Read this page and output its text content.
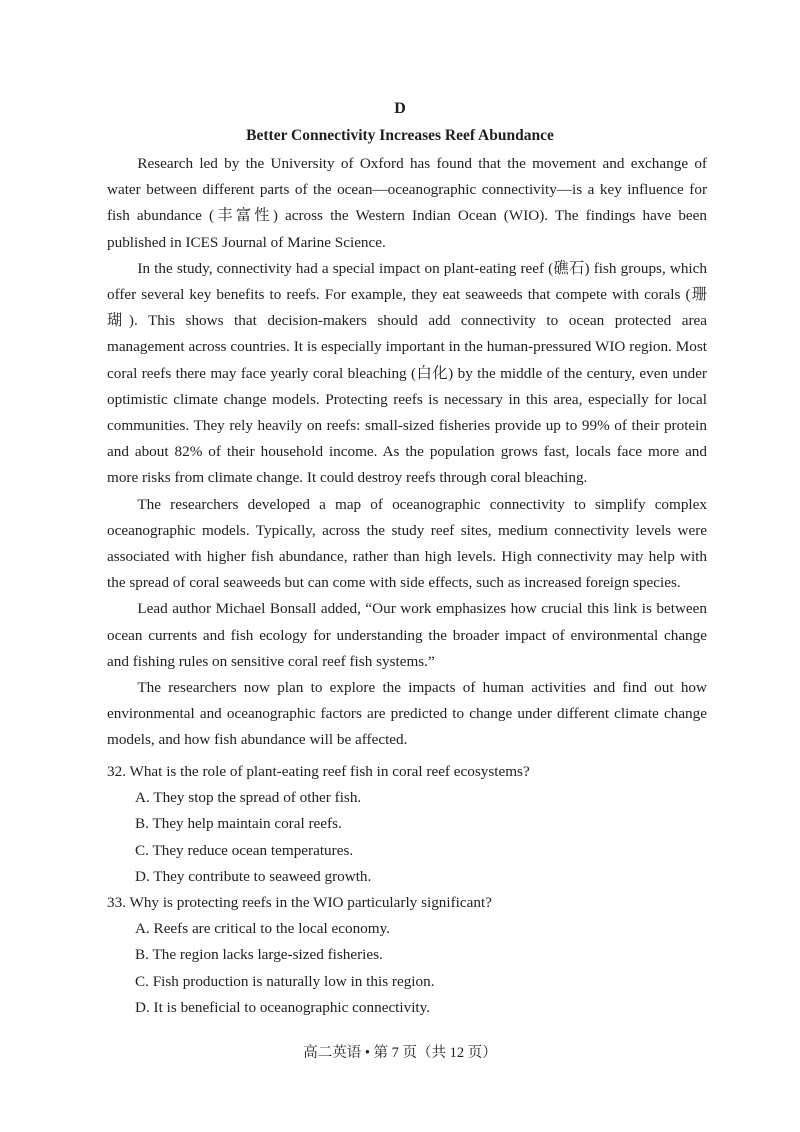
D
Better Connectivity Increases Reef Abundance

Research led by the University of Oxford has found that the movement and exchange of water between different parts of the ocean—oceanographic connectivity—is a key influence for fish abundance (丰富性) across the Western Indian Ocean (WIO). The findings have been published in ICES Journal of Marine Science.

In the study, connectivity had a special impact on plant-eating reef (礁石) fish groups, which offer several key benefits to reefs. For example, they eat seaweeds that compete with corals (珊瑚). This shows that decision-makers should add connectivity to ocean protected area management across countries. It is especially important in the human-pressured WIO region. Most coral reefs there may face yearly coral bleaching (白化) by the middle of the century, even under optimistic climate change models. Protecting reefs is necessary in this area, especially for local communities. They rely heavily on reefs: small-sized fisheries provide up to 99% of their protein and about 82% of their household income. As the population grows fast, locals face more and more risks from climate change. It could destroy reefs through coral bleaching.

The researchers developed a map of oceanographic connectivity to simplify complex oceanographic models. Typically, across the study reef sites, medium connectivity levels were associated with higher fish abundance, rather than high levels. High connectivity may help with the spread of coral seaweeds but can come with side effects, such as increased foreign species.

Lead author Michael Bonsall added, “Our work emphasizes how crucial this link is between ocean currents and fish ecology for understanding the broader impact of environmental change and fishing rules on sensitive coral reef fish systems.”

The researchers now plan to explore the impacts of human activities and find out how environmental and oceanographic factors are predicted to change under different climate change models, and how fish abundance will be affected.

32. What is the role of plant-eating reef fish in coral reef ecosystems?

A. They stop the spread of other fish.

B. They help maintain coral reefs.

C. They reduce ocean temperatures.

D. They contribute to seaweed growth.

33. Why is protecting reefs in the WIO particularly significant?

A. Reefs are critical to the local economy.

B. The region lacks large-sized fisheries.

C. Fish production is naturally low in this region.

D. It is beneficial to oceanographic connectivity.

高二英语 • 第 7 页（共 12 页）
